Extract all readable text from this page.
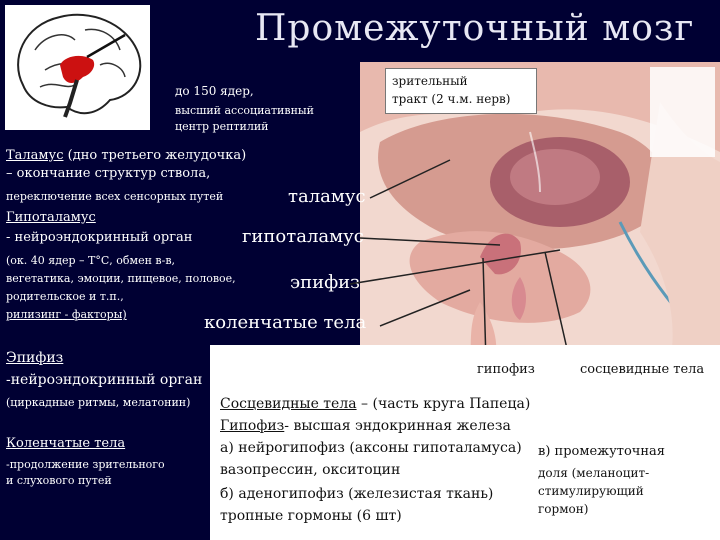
Промежуточный мозг
до 150 ядер,
высший ассоциативный
центр рептилий
зрительный
тракт (2 ч.м. нерв)
Таламус (дно третьего желудочка)
– окончание структур ствола,
переключение всех сенсорных путей
Гипоталамус
- нейроэндокринный орган
(ок. 40 ядер – Т°С, обмен в-в,
вегетатика, эмоции, пищевое, половое,
родительское и т.п.,
рилизинг - факторы)
таламус
гипоталамус
эпифиз
коленчатые тела
Эпифиз
-нейроэндокринный орган
(циркадные ритмы, мелатонин)
Коленчатые тела
-продолжение зрительного
и слухового путей
гипофиз	сосцевидные тела
Сосцевидные тела – (часть круга Папеца)
Гипофиз- высшая эндокринная железа
а) нейрогипофиз (аксоны гипоталамуса)
вазопрессин, окситоцин
б) аденогипофиз (железистая ткань)
тропные гормоны (6 шт)
в) промежуточная
доля (меланоцит-
стимулирующий
гормон)
